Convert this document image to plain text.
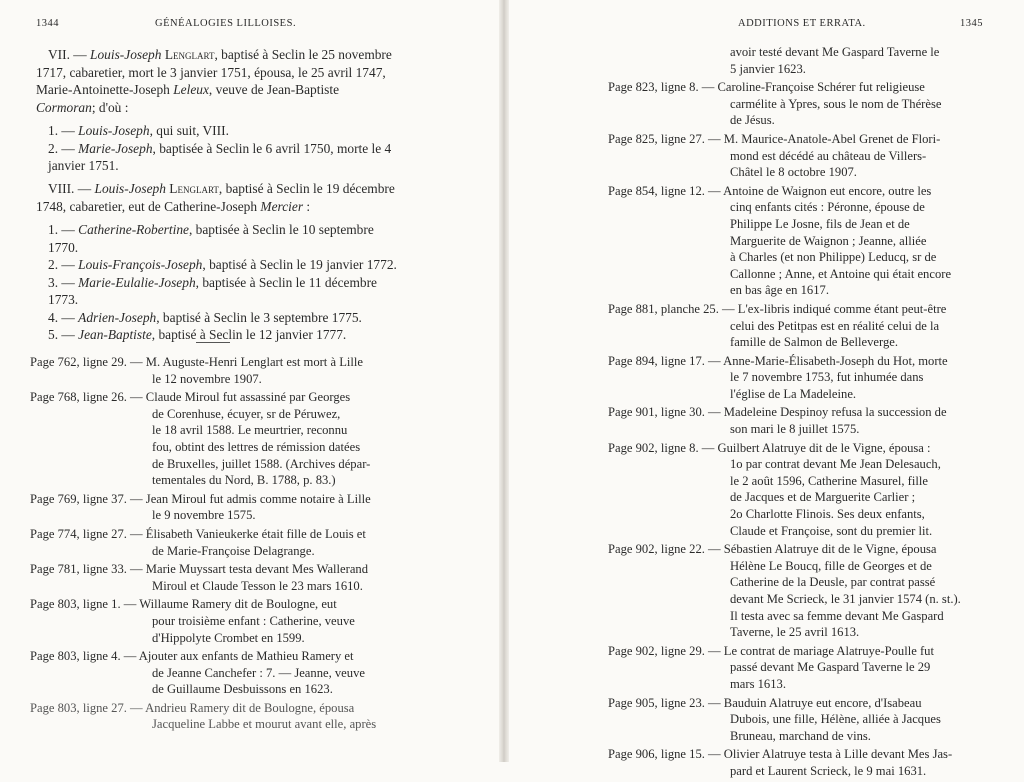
1344	GÉNÉALOGIES LILLOISES.

VII. — Louis-Joseph Lenglart, baptisé à Seclin le 25 novembre 1717, cabaretier, mort le 3 janvier 1751, épousa, le 25 avril 1747, Marie-Antoinette-Joseph Leleux, veuve de Jean-Baptiste Cormoran; d'où :

1. — Louis-Joseph, qui suit, VIII.
2. — Marie-Joseph, baptisée à Seclin le 6 avril 1750, morte le 4 janvier 1751.

VIII. — Louis-Joseph Lenglart, baptisé à Seclin le 19 décembre 1748, cabaretier, eut de Catherine-Joseph Mercier :

1. — Catherine-Robertine, baptisée à Seclin le 10 septembre 1770.
2. — Louis-François-Joseph, baptisé à Seclin le 19 janvier 1772.
3. — Marie-Eulalie-Joseph, baptisée à Seclin le 11 décembre 1773.
4. — Adrien-Joseph, baptisé à Seclin le 3 septembre 1775.
5. — Jean-Baptiste, baptisé à Seclin le 12 janvier 1777.
Page 762, ligne 29. — M. Auguste-Henri Lenglart est mort à Lille
le 12 novembre 1907.
Page 768, ligne 26. — Claude Miroul fut assassiné par Georges
de Corenhuse, écuyer, sr de Péruwez,
le 18 avril 1588. Le meurtrier, reconnu
fou, obtint des lettres de rémission datées
de Bruxelles, juillet 1588. (Archives dépar-
tementales du Nord, B. 1788, p. 83.)
Page 769, ligne 37. — Jean Miroul fut admis comme notaire à Lille
le 9 novembre 1575.
Page 774, ligne 27. — Élisabeth Vanieukerke était fille de Louis et
de Marie-Françoise Delagrange.
Page 781, ligne 33. — Marie Muyssart testa devant Mes Wallerand
Miroul et Claude Tesson le 23 mars 1610.
Page 803, ligne 1. — Willaume Ramery dit de Boulogne, eut
pour troisième enfant : Catherine, veuve
d'Hippolyte Crombet en 1599.
Page 803, ligne 4. — Ajouter aux enfants de Mathieu Ramery et
de Jeanne Canchefer : 7. — Jeanne, veuve
de Guillaume Desbuissons en 1623.
Page 803, ligne 27. — Andrieu Ramery dit de Boulogne, épousa
Jacqueline Labbe et mourut avant elle, après
ADDITIONS ET ERRATA.	1345
avoir testé devant Me Gaspard Taverne le
5 janvier 1623.
Page 823, ligne 8. — Caroline-Françoise Schérer fut religieuse
carmélite à Ypres, sous le nom de Thérèse
de Jésus.
Page 825, ligne 27. — M. Maurice-Anatole-Abel Grenet de Flori-
mond est décédé au château de Villers-
Châtel le 8 octobre 1907.
Page 854, ligne 12. — Antoine de Waignon eut encore, outre les
cinq enfants cités : Péronne, épouse de
Philippe Le Josne, fils de Jean et de
Marguerite de Waignon ; Jeanne, alliée
à Charles (et non Philippe) Leducq, sr de
Callonne ; Anne, et Antoine qui était encore
en bas âge en 1617.
Page 881, planche 25. — L'ex-libris indiqué comme étant peut-être
celui des Petitpas est en réalité celui de la
famille de Salmon de Belleverge.
Page 894, ligne 17. — Anne-Marie-Élisabeth-Joseph du Hot, morte
le 7 novembre 1753, fut inhumée dans
l'église de La Madeleine.
Page 901, ligne 30. — Madeleine Despinoy refusa la succession de
son mari le 8 juillet 1575.
Page 902, ligne 8. — Guilbert Alatruye dit de le Vigne, épousa :
1o par contrat devant Me Jean Delesauch,
le 2 août 1596, Catherine Masurel, fille
de Jacques et de Marguerite Carlier ;
2o Charlotte Flinois. Ses deux enfants,
Claude et Françoise, sont du premier lit.
Page 902, ligne 22. — Sébastien Alatruye dit de le Vigne, épousa
Hélène Le Boucq, fille de Georges et de
Catherine de la Deusle, par contrat passé
devant Me Scrieck, le 31 janvier 1574 (n. st.).
Il testa avec sa femme devant Me Gaspard
Taverne, le 25 avril 1613.
Page 902, ligne 29. — Le contrat de mariage Alatruye-Poulle fut
passé devant Me Gaspard Taverne le 29
mars 1613.
Page 905, ligne 23. — Bauduin Alatruye eut encore, d'Isabeau
Dubois, une fille, Hélène, alliée à Jacques
Bruneau, marchand de vins.
Page 906, ligne 15. — Olivier Alatruye testa à Lille devant Mes Jas-
pard et Laurent Scrieck, le 9 mai 1631.
